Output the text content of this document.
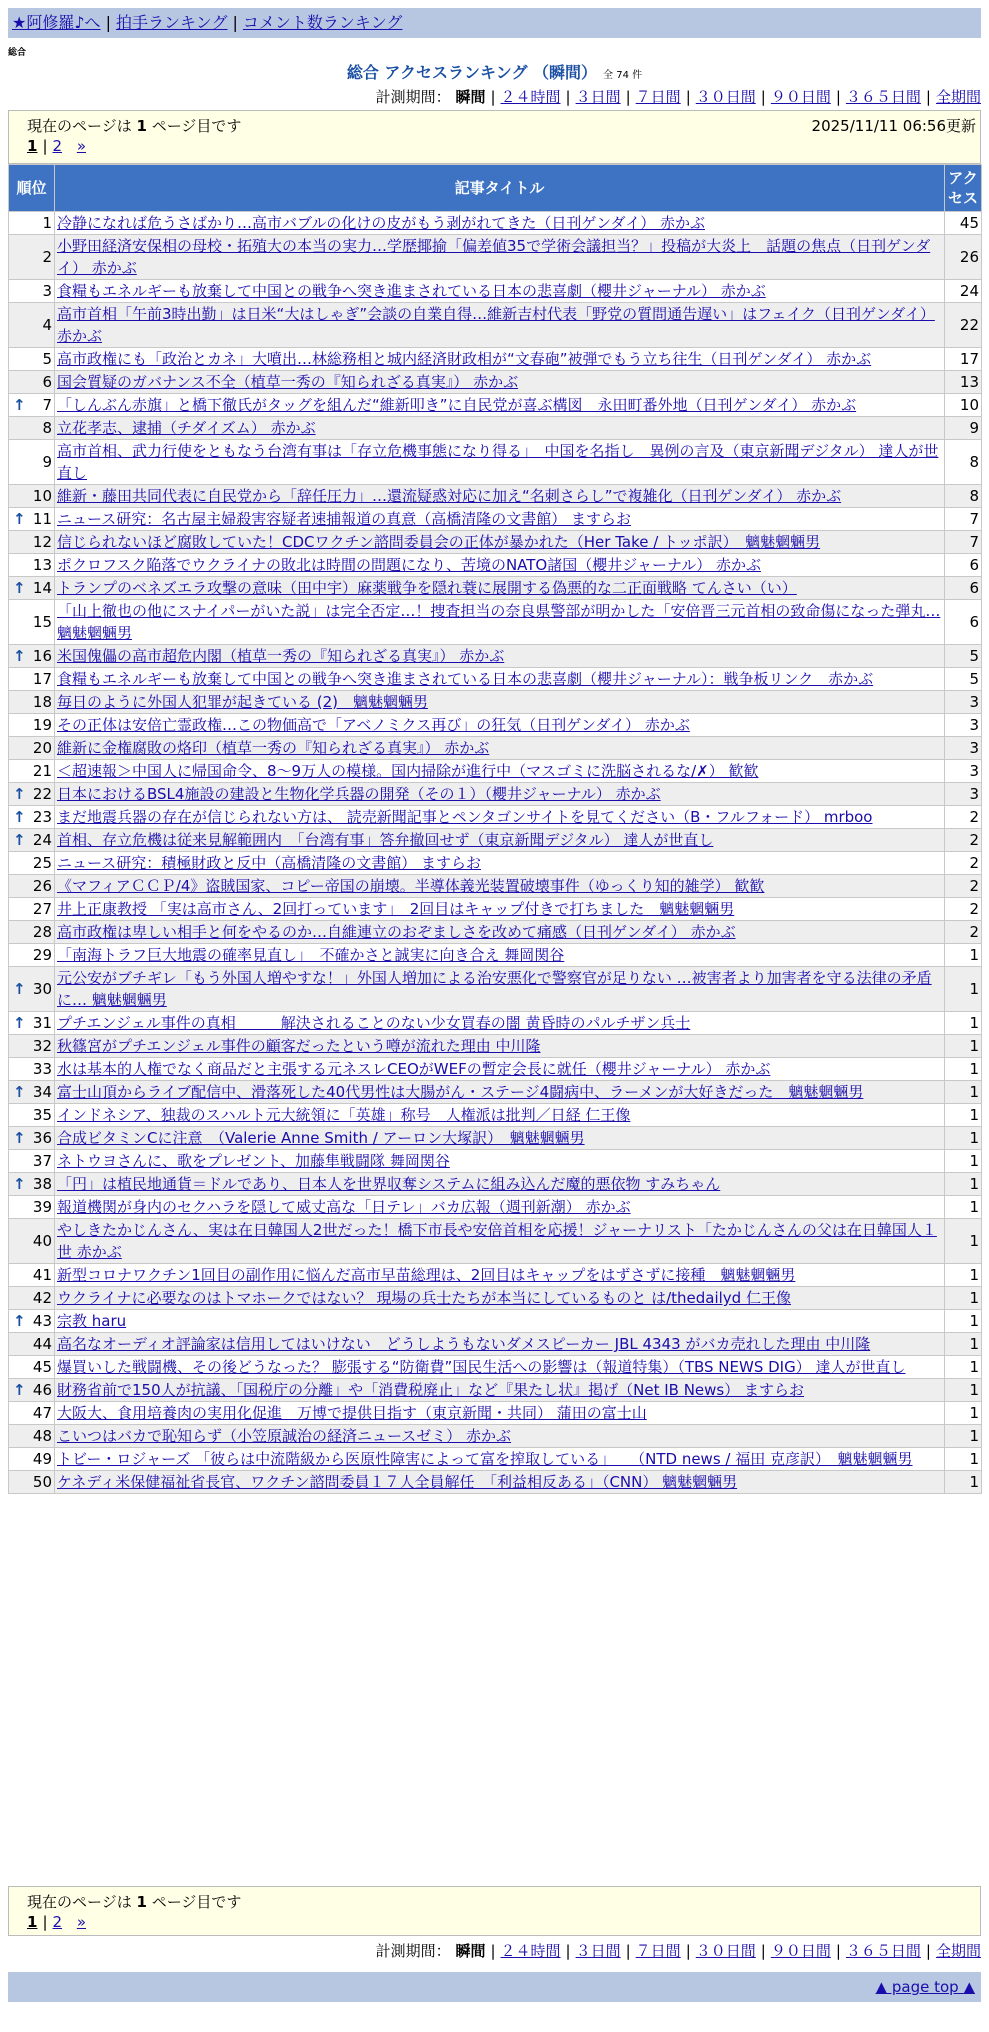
★阿修羅♪へ | 拍手ランキング | コメント数ランキング
総合
総合 アクセスランキング （瞬間） 全 74 件
計測期間： 瞬間 | ２４時間 | ３日間 | ７日間 | ３０日間 | ９０日間 | ３６５日間 | 全期間
現在のページは 1 ページ目です	2025/11/11 06:56更新
1 | 2 »
順位	記事タイトル	アクセス
1	冷静になれば危うさばかり…高市バブルの化けの皮がもう剥がれてきた（日刊ゲンダイ） 赤かぶ	45
2	小野田経済安保相の母校・拓殖大の本当の実力…学歴揶揄「偏差値35で学術会議担当？」投稿が大炎上　話題の焦点（日刊ゲンダイ） 赤かぶ	26
3	食糧もエネルギーも放棄して中国との戦争へ突き進まされている日本の悲喜劇（櫻井ジャーナル） 赤かぶ	24
4	高市首相「午前3時出勤」は日米“大はしゃぎ”会談の自業自得…維新吉村代表「野党の質問通告遅い」はフェイク（日刊ゲンダイ） 赤かぶ	22
5	高市政権にも「政治とカネ」大噴出…林総務相と城内経済財政相が“文春砲”被弾でもう立ち往生（日刊ゲンダイ） 赤かぶ	17
6	国会質疑のガバナンス不全（植草一秀の『知られざる真実』） 赤かぶ	13

↑ 7	「しんぶん赤旗」と橋下徹氏がタッグを組んだ“維新叩き”に自民党が喜ぶ構図　永田町番外地（日刊ゲンダイ） 赤かぶ	10
8	立花孝志、逮捕（チダイズム） 赤かぶ	9
9	高市首相、武力行使をともなう台湾有事は「存立危機事態になり得る」　中国を名指し　異例の言及（東京新聞デジタル） 達人が世直し	8
10	維新・藤田共同代表に自民党から「辞任圧力」…還流疑惑対応に加え“名刺さらし”で複雑化（日刊ゲンダイ） 赤かぶ	8

↑ 11	ニュース研究：名古屋主婦殺害容疑者速捕報道の真意（高橋清隆の文書館） ますらお	7
12	信じられないほど腐敗していた！CDCワクチン諮問委員会の正体が暴かれた（Her Take / トッポ訳）　魑魅魍魎男	7
13	ポクロフスク陥落でウクライナの敗北は時間の問題になり、苦境のNATO諸国（櫻井ジャーナル） 赤かぶ	6

↑ 14	トランプのベネズエラ攻撃の意味（田中宇）麻薬戦争を隠れ蓑に展開する偽悪的な二正面戦略 てんさい（い）	6
15	「山上徹也の他にスナイパーがいた説」は完全否定…！捜査担当の奈良県警部が明かした「安倍晋三元首相の致命傷になった弾丸… 魑魅魍魎男	6

↑ 16	米国傀儡の高市超危内閣（植草一秀の『知られざる真実』） 赤かぶ	5
17	食糧もエネルギーも放棄して中国との戦争へ突き進まされている日本の悲喜劇（櫻井ジャーナル）：戦争板リンク　赤かぶ	5
18	毎日のように外国人犯罪が起きている (2)　魑魅魍魎男	3
19	その正体は安倍亡霊政権…この物価高で「アベノミクス再び」の狂気（日刊ゲンダイ） 赤かぶ	3
20	維新に金権腐敗の烙印（植草一秀の『知られざる真実』） 赤かぶ	3
21	＜超速報＞中国人に帰国命令、8～9万人の模様。国内掃除が進行中（マスゴミに洗脳されるな/✗） 歓歓	3

↑ 22	日本におけるBSL4施設の建設と生物化学兵器の開発（その１）（櫻井ジャーナル） 赤かぶ	3

↑ 23	まだ地震兵器の存在が信じられない方は、 読売新聞記事とペンタゴンサイトを見てください（B・フルフォード） mrboo	2

↑ 24	首相、存立危機は従来見解範囲内　「台湾有事」答弁撤回せず（東京新聞デジタル） 達人が世直し	2
25	ニュース研究：積極財政と反中（高橋清隆の文書館） ますらお	2
26	《マフィアＣＣＰ/4》盗賊国家、コピー帝国の崩壊。半導体義光装置破壊事件（ゆっくり知的雑学） 歓歓	2
27	井上正康教授 「実は高市さん、2回打っています」　2回目はキャップ付きで打ちました　魑魅魍魎男	2
28	高市政権は卑しい相手と何をやるのか…自維連立のおぞましさを改めて痛感（日刊ゲンダイ） 赤かぶ	2
29	「南海トラフ巨大地震の確率見直し」　不確かさと誠実に向き合え 舞岡関谷	1

↑ 30	元公安がブチギレ「もう外国人増やすな！」外国人増加による治安悪化で警察官が足りない …被害者より加害者を守る法律の矛盾に… 魑魅魍魎男	1

↑ 31	プチエンジェル事件の真相　　　解決されることのない少女買春の闇 黄昏時のパルチザン兵士	1
32	秋篠宮がプチエンジェル事件の顧客だったという噂が流れた理由 中川隆	1
33	水は基本的人権でなく商品だと主張する元ネスレCEOがWEFの暫定会長に就任（櫻井ジャーナル） 赤かぶ	1

↑ 34	富士山頂からライブ配信中、滑落死した40代男性は大腸がん・ステージ4闘病中、ラーメンが大好きだった　魑魅魍魎男	1
35	インドネシア、独裁のスハルト元大統領に「英雄」称号　人権派は批判／日経 仁王像	1

↑ 36	合成ビタミンCに注意　（Valerie Anne Smith / アーロン大塚訳）　魑魅魍魎男	1
37	ネトウヨさんに、歌をプレゼント、加藤隼戦闘隊 舞岡関谷	1

↑ 38	「円」は植民地通貨＝ドルであり、日本人を世界収奪システムに組み込んだ魔的悪依物 すみちゃん	1
39	報道機関が身内のセクハラを隠して威丈高な「日テレ」バカ広報（週刊新潮） 赤かぶ	1
40	やしきたかじんさん、実は在日韓国人2世だった！橋下市長や安倍首相を応援！ジャーナリスト「たかじんさんの父は在日韓国人１世 赤かぶ	1
41	新型コロナワクチン1回目の副作用に悩んだ高市早苗総理は、2回目はキャップをはずさずに接種　魑魅魍魎男	1
42	ウクライナに必要なのはトマホークではない？ 現場の兵士たちが本当にしているものと は/thedailyd 仁王像	1

↑ 43	宗教 haru	1
44	高名なオーディオ評論家は信用してはいけない　どうしようもないダメスピーカー JBL 4343 がバカ売れした理由 中川隆	1
45	爆買いした戦闘機、その後どうなった？ 膨張する“防衛費”国民生活への影響は（報道特集）（TBS NEWS DIG） 達人が世直し	1

↑ 46	財務省前で150人が抗議、「国税庁の分離」や「消費税廃止」など『果たし状』掲げ（Net IB News） ますらお	1
47	大阪大、食用培養肉の実用化促進　万博で提供目指す（東京新聞・共同） 蒲田の富士山	1
48	こいつはバカで恥知らず（小笠原誠治の経済ニュースゼミ） 赤かぶ	1
49	トビー・ロジャーズ 「彼らは中流階級から医原性障害によって富を搾取している」　　（NTD news / 福田 克彦訳）　魑魅魍魎男	1
50	ケネディ米保健福祉省長官、ワクチン諮問委員１７人全員解任　「利益相反ある」（CNN） 魑魅魍魎男	1
現在のページは 1 ページ目です
1 | 2 »
計測期間： 瞬間 | ２４時間 | ３日間 | ７日間 | ３０日間 | ９０日間 | ３６５日間 | 全期間
▲ page top ▲
